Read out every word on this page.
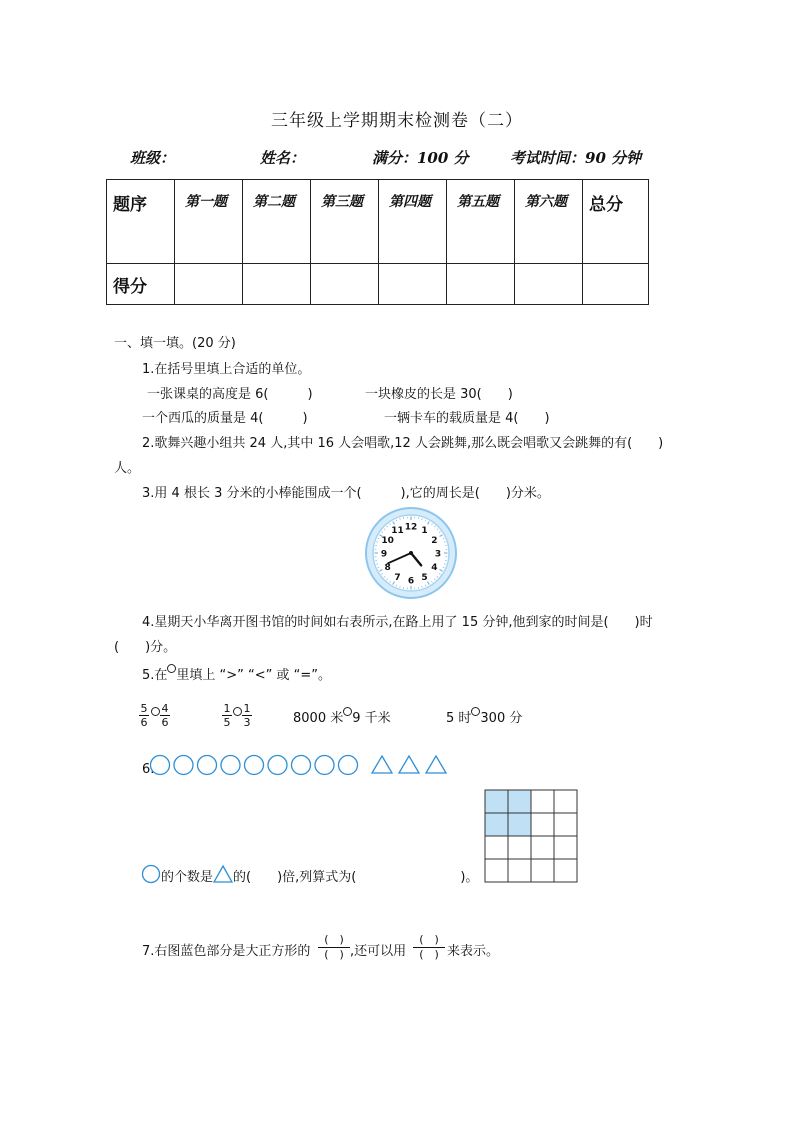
三年级上学期期末检测卷（二）
班级：	姓名：	满分：100 分	考试时间：90 分钟
题序	第一题	第二题	第三题	第四题	第五题	第六题	总分

得分							

一、填一填。(20 分)
1.在括号里填上合适的单位。
一张课桌的高度是 6(　　　)	一块橡皮的长是 30(　　)
一个西瓜的质量是 4(　　　)	一辆卡车的载质量是 4(　　)
2.歌舞兴趣小组共 24 人,其中 16 人会唱歌,12 人会跳舞,那么既会唱歌又会跳舞的有(　　)
人。
3.用 4 根长 3 分米的小棒能围成一个(　　　),它的周长是(　　)分米。
12 1
2
3
4
5
6
7
8
9
10
11
4.星期天小华离开图书馆的时间如右表所示,在路上用了 15 分钟,他到家的时间是(　　)时
(　　)分。
5.在 里填上 “>” “<” 或 “=”。
5
6
4
6
1
5
1
3	8000 米 9 千米	5 时 300 分
6.
的个数是 的(　　)倍,列算式为(　　　　　　　　)。
7.右图蓝色部分是大正方形的
(　)
(　) ,还可以用
(　)
(　) 来表示。
